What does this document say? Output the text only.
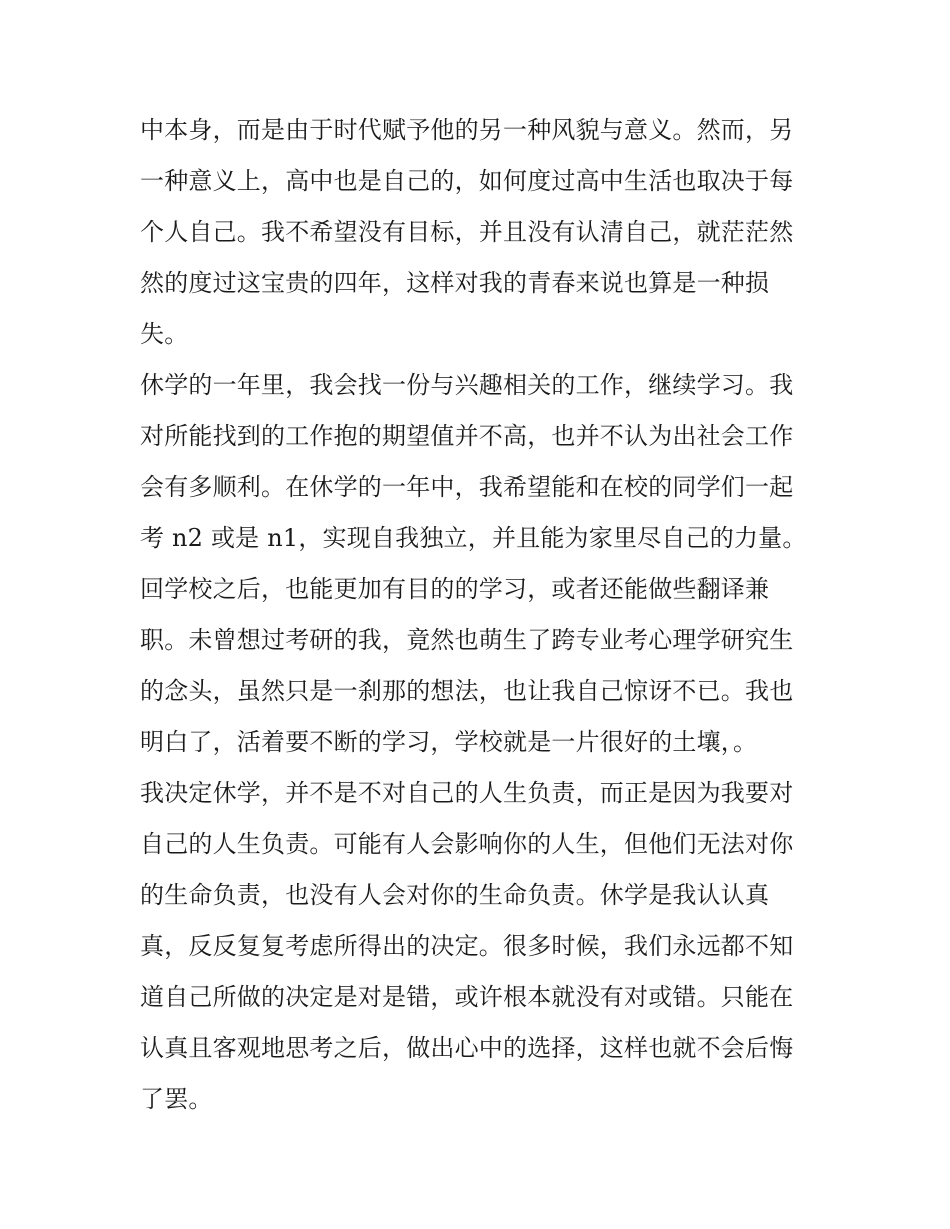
中本身，而是由于时代赋予他的另一种风貌与意义。然而，另
一种意义上，高中也是自己的，如何度过高中生活也取决于每
个人自己。我不希望没有目标，并且没有认清自己，就茫茫然
然的度过这宝贵的四年，这样对我的青春来说也算是一种损
失。
休学的一年里，我会找一份与兴趣相关的工作，继续学习。我
对所能找到的工作抱的期望值并不高，也并不认为出社会工作
会有多顺利。在休学的一年中，我希望能和在校的同学们一起
考 n2 或是 n1，实现自我独立，并且能为家里尽自己的力量。
回学校之后，也能更加有目的的学习，或者还能做些翻译兼
职。未曾想过考研的我，竟然也萌生了跨专业考心理学研究生
的念头，虽然只是一刹那的想法，也让我自己惊讶不已。我也
明白了，活着要不断的学习，学校就是一片很好的土壤，。
我决定休学，并不是不对自己的人生负责，而正是因为我要对
自己的人生负责。可能有人会影响你的人生，但他们无法对你
的生命负责，也没有人会对你的生命负责。休学是我认认真
真，反反复复考虑所得出的决定。很多时候，我们永远都不知
道自己所做的决定是对是错，或许根本就没有对或错。只能在
认真且客观地思考之后，做出心中的选择，这样也就不会后悔
了罢。
